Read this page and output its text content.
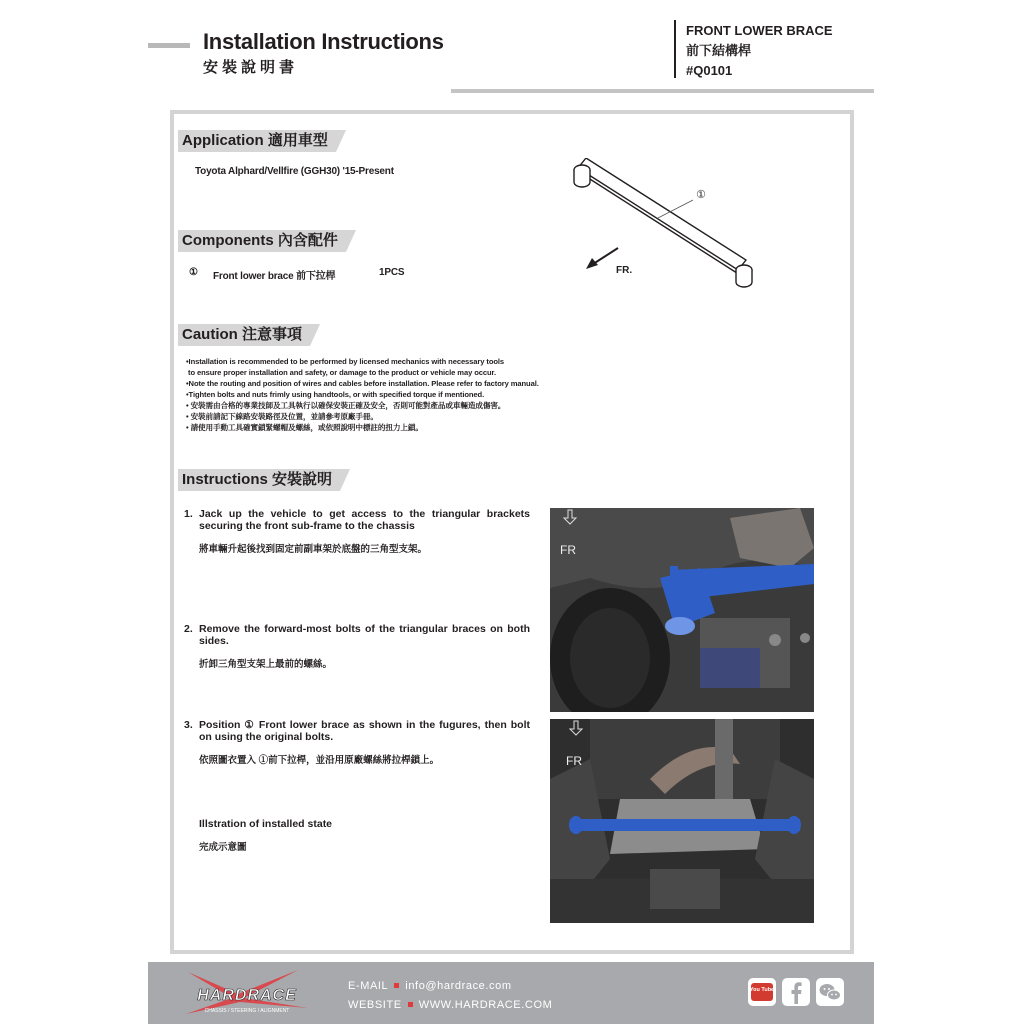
Installation Instructions
安裝說明書
FRONT LOWER BRACE
前下結構桿
#Q0101
Application 適用車型
Toyota Alphard/Vellfire (GGH30) '15-Present
Components 內含配件
① Front lower brace 前下拉桿	1PCS
①
FR.
Caution 注意事項
•Installation is recommended to be performed by licensed mechanics with necessary tools
to ensure proper installation and safety, or damage to the product or vehicle may occur.
•Note the routing and position of wires and cables before installation. Please refer to factory manual.
•Tighten bolts and nuts frimly using handtools, or with specified torque if mentioned.
• 安裝需由合格的專業技師及工具執行以確保安裝正確及安全，否則可能對產品或車輛造成傷害。
• 安裝前請記下線路安裝路徑及位置，並請參考原廠手冊。
• 請使用手動工具確實鎖緊螺帽及螺絲，或依照說明中標註的扭力上鎖。
Instructions 安裝說明
1. Jack up the vehicle to get access to the triangular brackets securing the front sub-frame to the chassis
將車輛升起後找到固定前副車架於底盤的三角型支架。
2. Remove the forward-most bolts of the triangular braces on both sides.
折卸三角型支架上最前的螺絲。
3. Position ① Front lower brace as shown in the fugures, then bolt on using the original bolts.
依照圖衣置入 ①前下拉桿，並沿用原廠螺絲將拉桿鎖上。
Illstration of installed state
完成示意圖
FR
FR
HARDRACE
CHASSIS / STEERING / ALIGNMENT
E-MAIL info@hardrace.com
WEBSITE WWW.HARDRACE.COM
You Tube
